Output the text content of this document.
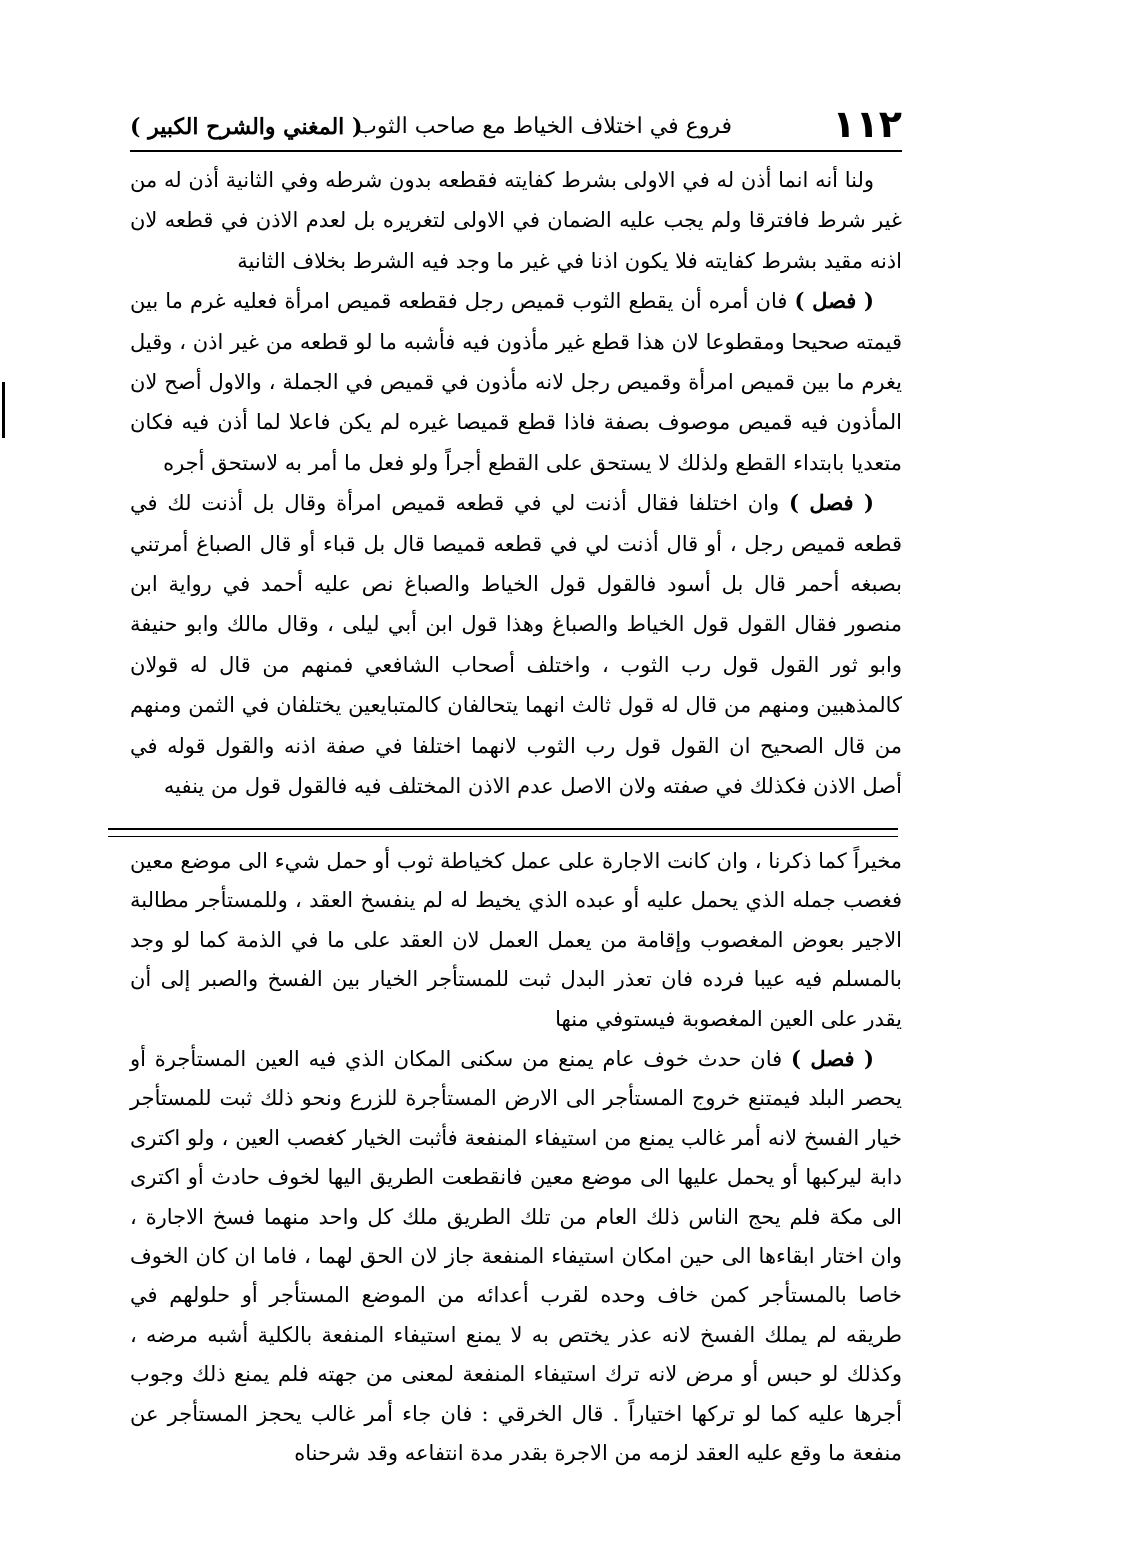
١١٢
فروع في اختلاف الخياط مع صاحب الثوب
( المغني والشرح الكبير )

ولنا أنه انما أذن له في الاولى بشرط كفايته فقطعه بدون شرطه وفي الثانية أذن له من غير شرط فافترقا ولم يجب عليه الضمان في الاولى لتغريره بل لعدم الاذن في قطعه لان اذنه مقيد بشرط كفايته فلا يكون اذنا في غير ما وجد فيه الشرط بخلاف الثانية

( فصل ) فان أمره أن يقطع الثوب قميص رجل فقطعه قميص امرأة فعليه غرم ما بين قيمته صحيحا ومقطوعا لان هذا قطع غير مأذون فيه فأشبه ما لو قطعه من غير اذن ، وقيل يغرم ما بين قميص امرأة وقميص رجل لانه مأذون في قميص في الجملة ، والاول أصح لان المأذون فيه قميص موصوف بصفة فاذا قطع قميصا غيره لم يكن فاعلا لما أذن فيه فكان متعديا بابتداء القطع ولذلك لا يستحق على القطع أجراً ولو فعل ما أمر به لاستحق أجره

( فصل ) وان اختلفا فقال أذنت لي في قطعه قميص امرأة وقال بل أذنت لك في قطعه قميص رجل ، أو قال أذنت لي في قطعه قميصا قال بل قباء أو قال الصباغ أمرتني بصبغه أحمر قال بل أسود فالقول قول الخياط والصباغ نص عليه أحمد في رواية ابن منصور فقال القول قول الخياط والصباغ وهذا قول ابن أبي ليلى ، وقال مالك وابو حنيفة وابو ثور القول قول رب الثوب ، واختلف أصحاب الشافعي فمنهم من قال له قولان كالمذهبين ومنهم من قال له قول ثالث انهما يتحالفان كالمتبايعين يختلفان في الثمن ومنهم من قال الصحيح ان القول قول رب الثوب لانهما اختلفا في صفة اذنه والقول قوله في أصل الاذن فكذلك في صفته ولان الاصل عدم الاذن المختلف فيه فالقول قول من ينفيه

مخيراً كما ذكرنا ، وان كانت الاجارة على عمل كخياطة ثوب أو حمل شيء الى موضع معين فغصب جمله الذي يحمل عليه أو عبده الذي يخيط له لم ينفسخ العقد ، وللمستأجر مطالبة الاجير بعوض المغصوب وإقامة من يعمل العمل لان العقد على ما في الذمة كما لو وجد بالمسلم فيه عيبا فرده فان تعذر البدل ثبت للمستأجر الخيار بين الفسخ والصبر إلى أن يقدر على العين المغصوبة فيستوفي منها

( فصل ) فان حدث خوف عام يمنع من سكنى المكان الذي فيه العين المستأجرة أو يحصر البلد فيمتنع خروج المستأجر الى الارض المستأجرة للزرع ونحو ذلك ثبت للمستأجر خيار الفسخ لانه أمر غالب يمنع من استيفاء المنفعة فأثبت الخيار كغصب العين ، ولو اكترى دابة ليركبها أو يحمل عليها الى موضع معين فانقطعت الطريق اليها لخوف حادث أو اكترى الى مكة فلم يحج الناس ذلك العام من تلك الطريق ملك كل واحد منهما فسخ الاجارة ، وان اختار ابقاءها الى حين امكان استيفاء المنفعة جاز لان الحق لهما ، فاما ان كان الخوف خاصا بالمستأجر كمن خاف وحده لقرب أعدائه من الموضع المستأجر أو حلولهم في طريقه لم يملك الفسخ لانه عذر يختص به لا يمنع استيفاء المنفعة بالكلية أشبه مرضه ، وكذلك لو حبس أو مرض لانه ترك استيفاء المنفعة لمعنى من جهته فلم يمنع ذلك وجوب أجرها عليه كما لو تركها اختياراً . قال الخرقي : فان جاء أمر غالب يحجز المستأجر عن منفعة ما وقع عليه العقد لزمه من الاجرة بقدر مدة انتفاعه وقد شرحناه
